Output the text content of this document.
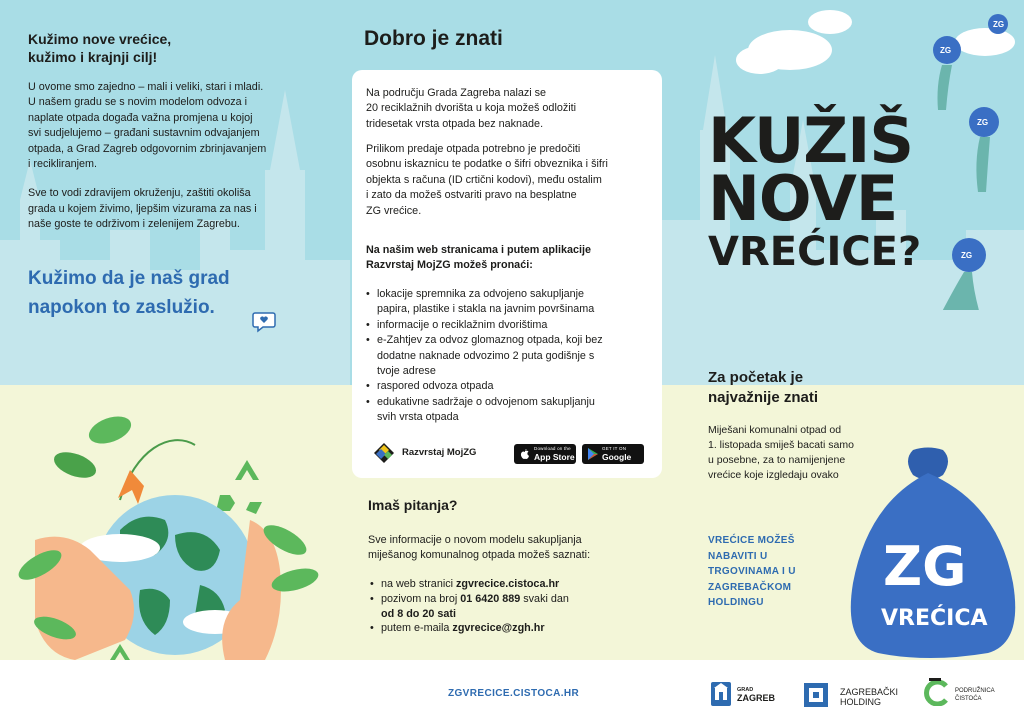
Kužimo nove vrećice,
kužimo i krajnji cilj!
U ovome smo zajedno – mali i veliki, stari i mladi.
U našem gradu se s novim modelom odvoza i
naplate otpada događa važna promjena u kojoj
svi sudjelujemo – građani sustavnim odvajanjem
otpada, a Grad Zagreb odgovornim zbrinjavanjem
i recikliranjem.
Sve to vodi zdravijem okruženju, zaštiti okoliša
grada u kojem živimo, ljepšim vizurama za nas i
naše goste te održivom i zelenijem Zagrebu.
Kužimo da je naš grad
napokon to zaslužio.
Dobro je znati
Na području Grada Zagreba nalazi se
20 reciklažnih dvorišta u koja možeš odložiti
tridesetak vrsta otpada bez naknade.
Prilikom predaje otpada potrebno je predočiti
osobnu iskaznicu te podatke o šifri obveznika i šifri
objekta s računa (ID crtični kodovi), među ostalim
i zato da možeš ostvariti pravo na besplatne
ZG vrećice.
Na našim web stranicama i putem aplikacije
Razvrstaj MojZG možeš pronaći:
• lokacije spremnika za odvojeno sakupljanje
papira, plastike i stakla na javnim površinama
• informacije o reciklažnim dvorištima
• e-Zahtjev za odvoz glomaznog otpada, koji bez
dodatne naknade odvozimo 2 puta godišnje s
tvoje adrese
• raspored odvoza otpada
• edukativne sadržaje o odvojenom sakupljanju
svih vrsta otpada
Razvrstaj MojZG	Download on the
App Store
GET IT ON
Google Play
Imaš pitanja?
Sve informacije o novom modelu sakupljanja
miješanog komunalnog otpada možeš saznati:
• na web stranici zgvrecice.cistoca.hr
• pozivom na broj 01 6420 889 svaki dan
od 8 do 20 sati
• putem e-maila zgvrecice@zgh.hr
KUŽIŠ
NOVE
VREĆICE?
ZG
ZG
ZG
ZG
Za početak je
najvažnije znati
Miješani komunalni otpad od
1. listopada smiješ bacati samo
u posebne, za to namijenjene
vrećice koje izgledaju ovako
VREĆICE MOŽEŠ
NABAVITI U
TRGOVINAMA I U
ZAGREBAČKOM
HOLDINGU
ZG
VREĆICA
ZGVRECICE.CISTOCA.HR	GRAD
ZAGREB
ZAGREBAČKI
HOLDING
PODRUŽNICA
ČISTOĆA
